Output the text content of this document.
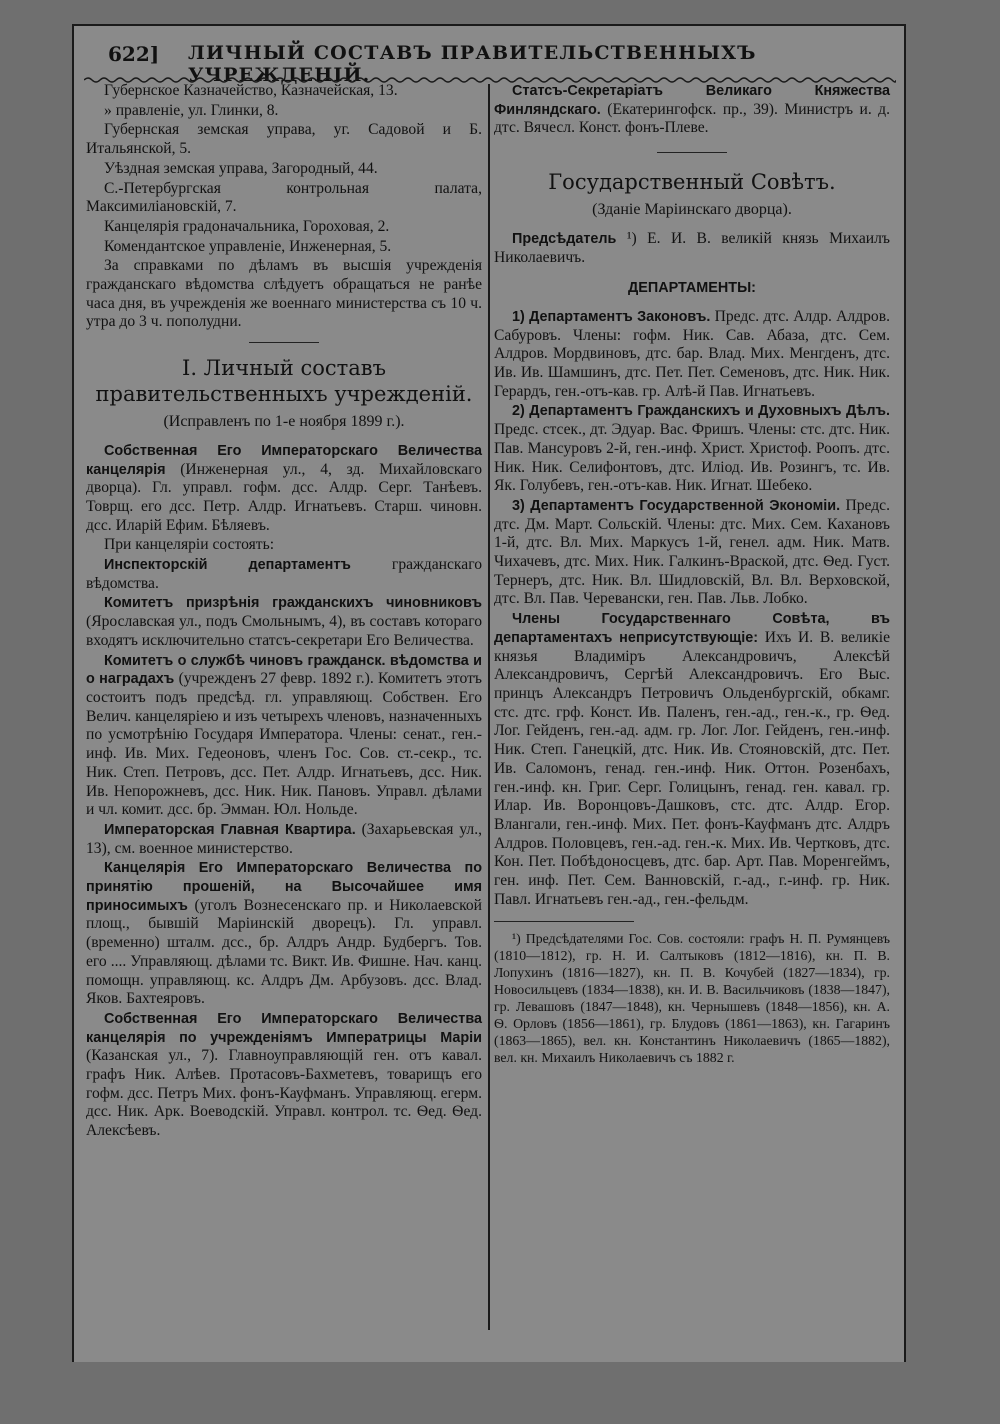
622] ЛИЧНЫЙ СОСТАВЪ ПРАВИТЕЛЬСТВЕННЫХЪ УЧРЕЖДЕНІЙ.

Губернское Казначейство, Казначейская, 13.

» правленіе, ул. Глинки, 8.

Губернская земская управа, уг. Садовой и Б. Итальянской, 5.

Уѣздная земская управа, Загородный, 44.

С.-Петербургская контрольная палата, Максимиліановскій, 7.

Канцелярія градоначальника, Гороховая, 2.

Комендантское управленіе, Инженерная, 5.

За справками по дѣламъ въ высшія учрежденія гражданскаго вѣдомства слѣдуетъ обращаться не ранѣе часа дня, въ учрежденія же военнаго министерства съ 10 ч. утра до 3 ч. пополудни.

I. Личный составъ правительственныхъ учрежденій.

(Исправленъ по 1-е ноября 1899 г.).

Собственная Его Императорскаго Величества канцелярія (Инженерная ул., 4, зд. Михайловскаго дворца). Гл. управл. гофм. дсс. Алдр. Серг. Танѣевъ. Товрщ. его дсс. Петр. Алдр. Игнатьевъ. Старш. чиновн. дсс. Иларій Ефим. Бѣляевъ.

При канцеляріи состоять:

Инспекторскій департаментъ	гражданскаго вѣдомства.

Комитетъ призрѣнія гражданскихъ чиновниковъ (Ярославская ул., подъ Смольнымъ, 4), въ составъ котораго входятъ исключительно статсъ-секретари Его Величества.

Комитетъ о службѣ чиновъ гражданск. вѣдомства и о наградахъ (учрежденъ 27 февр. 1892 г.). Комитетъ этотъ состоитъ подъ предсѣд. гл. управляющ. Собствен. Его Велич. канцеляріею и изъ четырехъ членовъ, назначенныхъ по усмотрѣнію Государя Императора. Члены: сенат., ген.-инф. Ив. Мих. Гедеоновъ, членъ Гос. Сов. ст.-секр., тс. Ник. Степ. Петровъ, дсс. Пет. Алдр. Игнатьевъ, дсс. Ник. Ив. Непорожневъ, дсс. Ник. Ник. Пановъ. Управл. дѣлами и чл. комит. дсс. бр. Эмман. Юл. Нольде.

Императорская Главная Квартира. (Захарьевская ул., 13), см. военное министерство.

Канцелярія Его Императорскаго Величества по принятію прошеній, на Высочайшее имя приносимыхъ (уголъ Вознесенскаго пр. и Николаевской площ., бывшій Маріинскій дворецъ). Гл. управл. (временно) шталм. дсс., бр. Алдръ Андр. Будбергъ. Тов. его .... Управляющ. дѣлами тс. Викт. Ив. Фишне. Нач. канц. помощн. управляющ. кс. Алдръ Дм. Арбузовъ. дсс. Влад. Яков. Бахтеяровъ.

Собственная Его Императорскаго Величества канцелярія по учрежденіямъ Императрицы Маріи (Казанская ул., 7). Главноуправляющій ген. отъ кавал. графъ Ник. Алѣев. Протасовъ-Бахметевъ, товарищъ его гофм. дсс. Петръ Мих. фонъ-Кауфманъ. Управляющ. егерм. дсс. Ник. Арк. Воеводскій. Управл. контрол. тс. Ѳед. Ѳед. Алексѣевъ.

Статсъ-Секретаріатъ Великаго Княжества Финляндскаго. (Екатерингофск. пр., 39). Министръ и. д. дтс. Вячесл. Конст. фонъ-Плеве.

Государственный Совѣтъ.

(Зданіе Маріинскаго дворца).

Предсѣдатель ¹) Е. И. В. великій князь Михаилъ Николаевичъ.

ДЕПАРТАМЕНТЫ:

1) Департаментъ Законовъ. Предс. дтс. Алдр. Алдров. Сабуровъ. Члены: гофм. Ник. Сав. Абаза, дтс. Сем. Алдров. Мордвиновъ, дтс. бар. Влад. Мих. Менгденъ, дтс. Ив. Ив. Шамшинъ, дтс. Пет. Пет. Семеновъ, дтс. Ник. Ник. Герардъ, ген.-отъ-кав. гр. Алѣ-й Пав. Игнатьевъ.

2) Департаментъ Гражданскихъ и Духовныхъ Дѣлъ. Предс. стсек., дт. Эдуар. Вас. Фришъ. Члены: стс. дтс. Ник. Пав. Мансуровъ 2-й, ген.-инф. Христ. Христоф. Роопъ. дтс. Ник. Ник. Селифонтовъ, дтс. Иліод. Ив. Розингъ, тс. Ив. Як. Голубевъ, ген.-отъ-кав. Ник. Игнат. Шебеко.

3) Департаментъ Государственной Экономіи. Предс. дтс. Дм. Март. Сольскій. Члены: дтс. Мих. Сем. Кахановъ 1-й, дтс. Вл. Мих. Маркусъ 1-й, генел. адм. Ник. Матв. Чихачевъ, дтс. Мих. Ник. Галкинъ-Враской, дтс. Ѳед. Густ. Тернеръ, дтс. Ник. Вл. Шидловскій, Вл. Вл. Верховской, дтс. Вл. Пав. Черевански, ген. Пав. Льв. Лобко.

Члены Государственнаго Совѣта, въ департаментахъ неприсутствующіе: Ихъ И. В. великіе князья Владиміръ Александровичъ, Алексѣй Александровичъ, Сергѣй Александровичъ. Его Выс. принцъ Александръ Петровичъ Ольденбургскій, обкамг. стс. дтс. грф. Конст. Ив. Паленъ, ген.-ад., ген.-к., гр. Ѳед. Лог. Гейденъ, ген.-ад. адм. гр. Лог. Лог. Гейденъ, ген.-инф. Ник. Степ. Ганецкій, дтс. Ник. Ив. Стояновскій, дтс. Пет. Ив. Саломонъ, генад. ген.-инф. Ник. Оттон. Розенбахъ, ген.-инф. кн. Григ. Серг. Голицынъ, генад. ген. кавал. гр. Илар. Ив. Воронцовъ-Дашковъ, стс. дтс. Алдр. Егор. Влангали, ген.-инф. Мих. Пет. фонъ-Кауфманъ дтс. Алдръ Алдров. Половцевъ, ген.-ад. ген.-к. Мих. Ив. Чертковъ, дтс. Кон. Пет. Побѣдоносцевъ, дтс. бар. Арт. Пав. Моренгеймъ, ген. инф. Пет. Сем. Ванновскій, г.-ад., г.-инф. гр. Ник. Павл. Игнатьевъ ген.-ад., ген.-фельдм.

¹) Предсѣдателями Гос. Сов. состояли: графъ Н. П. Румянцевъ (1810—1812), гр. Н. И. Салтыковъ (1812—1816), кн. П. В. Лопухинъ (1816—1827), кн. П. В. Кочубей (1827—1834), гр. Новосильцевъ (1834—1838), кн. И. В. Васильчиковъ (1838—1847), гр. Левашовъ (1847—1848), кн. Чернышевъ (1848—1856), кн. А. Ѳ. Орловъ (1856—1861), гр. Блудовъ (1861—1863), кн. Гагаринъ (1863—1865), вел. кн. Константинъ Николаевичъ (1865—1882), вел. кн. Михаилъ Николаевичъ съ 1882 г.
